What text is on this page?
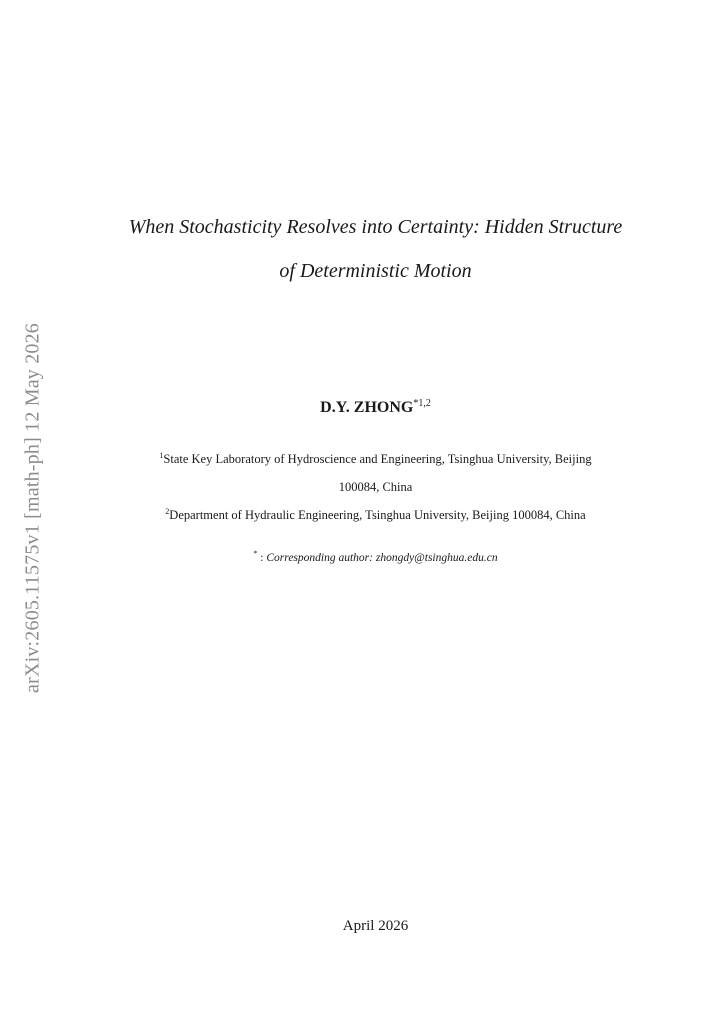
arXiv:2605.11575v1 [math-ph] 12 May 2026
When Stochasticity Resolves into Certainty: Hidden Structure
of Deterministic Motion
D.Y. ZHONG$^{*1,2}$
$^1$State Key Laboratory of Hydroscience and Engineering, Tsinghua University, Beijing
100084, China
$^2$Department of Hydraulic Engineering, Tsinghua University, Beijing 100084, China
* : Corresponding author: zhongdy@tsinghua.edu.cn
April 2026
